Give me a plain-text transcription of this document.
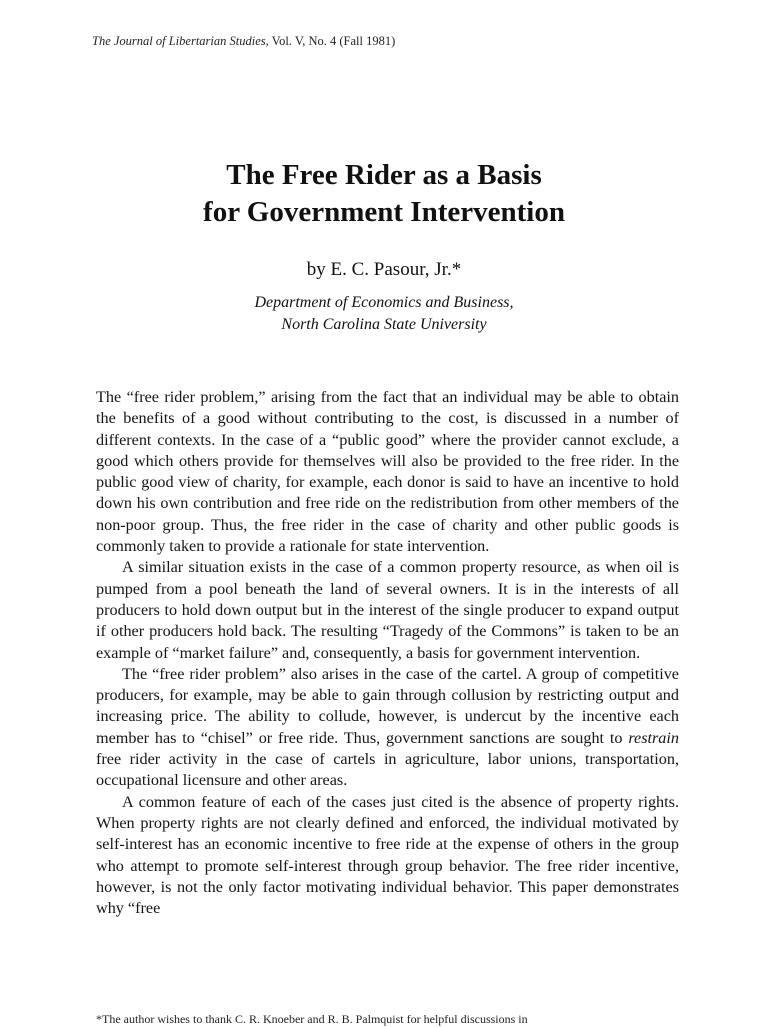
The Journal of Libertarian Studies, Vol. V, No. 4 (Fall 1981)
The Free Rider as a Basis
for Government Intervention
by E. C. Pasour, Jr.*
Department of Economics and Business,
North Carolina State University

The “free rider problem,” arising from the fact that an individual may be able to obtain the benefits of a good without contributing to the cost, is discussed in a number of different contexts. In the case of a “public good” where the provider cannot exclude, a good which others provide for themselves will also be provided to the free rider. In the public good view of charity, for example, each donor is said to have an incentive to hold down his own contribution and free ride on the redistribution from other members of the non-poor group. Thus, the free rider in the case of charity and other public goods is commonly taken to provide a rationale for state intervention.

A similar situation exists in the case of a common property resource, as when oil is pumped from a pool beneath the land of several owners. It is in the interests of all producers to hold down output but in the interest of the single producer to expand output if other producers hold back. The resulting “Tragedy of the Commons” is taken to be an example of “market failure” and, consequently, a basis for government intervention.

The “free rider problem” also arises in the case of the cartel. A group of competitive producers, for example, may be able to gain through collusion by restricting output and increasing price. The ability to collude, however, is undercut by the incentive each member has to “chisel” or free ride. Thus, government sanctions are sought to restrain free rider activity in the case of cartels in agriculture, labor unions, transportation, occupational licensure and other areas.

A common feature of each of the cases just cited is the absence of property rights. When property rights are not clearly defined and enforced, the individual motivated by self-interest has an economic incentive to free ride at the expense of others in the group who attempt to promote self-interest through group behavior. The free rider incentive, however, is not the only factor motivating individual behavior. This paper demonstrates why “free

*The author wishes to thank C. R. Knoeber and R. B. Palmquist for helpful discussions in
